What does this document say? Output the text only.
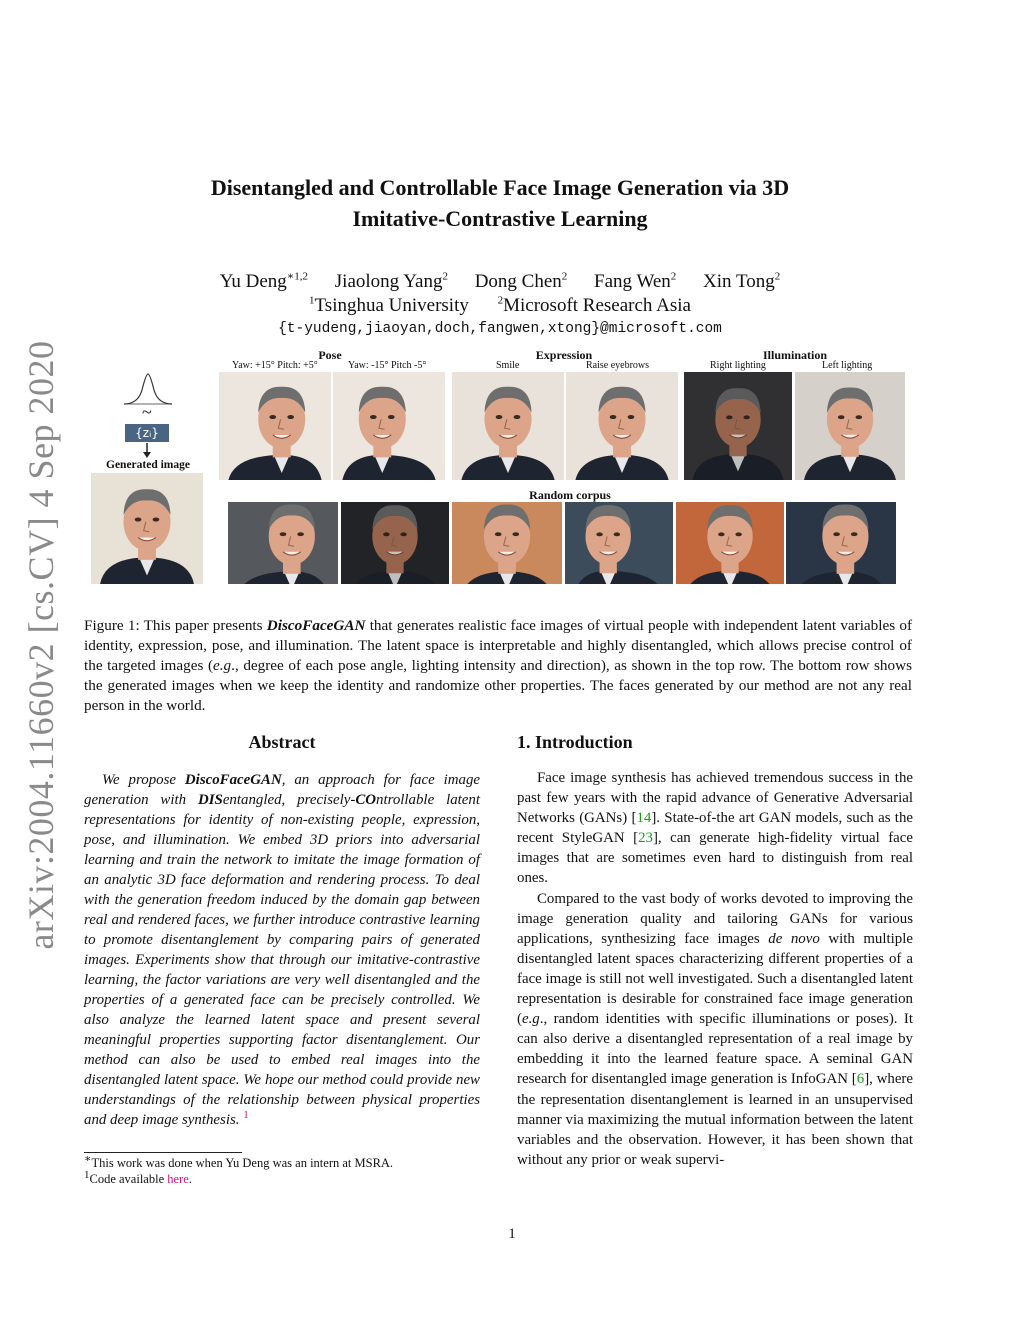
arXiv:2004.11660v2 [cs.CV] 4 Sep 2020
Disentangled and Controllable Face Image Generation via 3D
Imitative-Contrastive Learning
Yu Deng$^{∗1,2}$ Jiaolong Yang$^2$ Dong Chen$^2$ Fang Wen$^2$ Xin Tong$^2$
$^1$Tsinghua University	$^2$Microsoft Research Asia
{t-yudeng,jiaoyan,doch,fangwen,xtong}@microsoft.com
~
{zᵢ}
Generated image
Pose	Expression	Illumination
Random corpus
Yaw: +15° Pitch: +5°	Yaw: -15° Pitch -5°	Smile	Raise eyebrows	Right lighting	Left lighting
Figure 1: This paper presents DiscoFaceGAN that generates realistic face images of virtual people with independent latent variables of identity, expression, pose, and illumination. The latent space is interpretable and highly disentangled, which allows precise control of the targeted images (e.g., degree of each pose angle, lighting intensity and direction), as shown in the top row. The bottom row shows the generated images when we keep the identity and randomize other properties. The faces generated by our method are not any real person in the world.
Abstract
We propose DiscoFaceGAN, an approach for face image generation with DISentangled, precisely-COntrollable latent representations for identity of non-existing people, expression, pose, and illumination. We embed 3D priors into adversarial learning and train the network to imitate the image formation of an analytic 3D face deformation and rendering process. To deal with the generation freedom induced by the domain gap between real and rendered faces, we further introduce contrastive learning to promote disentanglement by comparing pairs of generated images. Experiments show that through our imitative-contrastive learning, the factor variations are very well disentangled and the properties of a generated face can be precisely controlled. We also analyze the learned latent space and present several meaningful properties supporting factor disentanglement. Our method can also be used to embed real images into the disentangled latent space. We hope our method could provide new understandings of the relationship between physical properties and deep image synthesis. $^1$
1. Introduction

Face image synthesis has achieved tremendous success in the past few years with the rapid advance of Generative Adversarial Networks (GANs) [14]. State-of-the art GAN models, such as the recent StyleGAN [23], can generate high-fidelity virtual face images that are sometimes even hard to distinguish from real ones.

Compared to the vast body of works devoted to improving the image generation quality and tailoring GANs for various applications, synthesizing face images de novo with multiple disentangled latent spaces characterizing different properties of a face image is still not well investigated. Such a disentangled latent representation is desirable for constrained face image generation (e.g., random identities with specific illuminations or poses). It can also derive a disentangled representation of a real image by embedding it into the learned feature space. A seminal GAN research for disentangled image generation is InfoGAN [6], where the representation disentanglement is learned in an unsupervised manner via maximizing the mutual information between the latent variables and the observation. However, it has been shown that without any prior or weak supervi-

∗This work was done when Yu Deng was an intern at MSRA.
$^1$Code available here.
1
